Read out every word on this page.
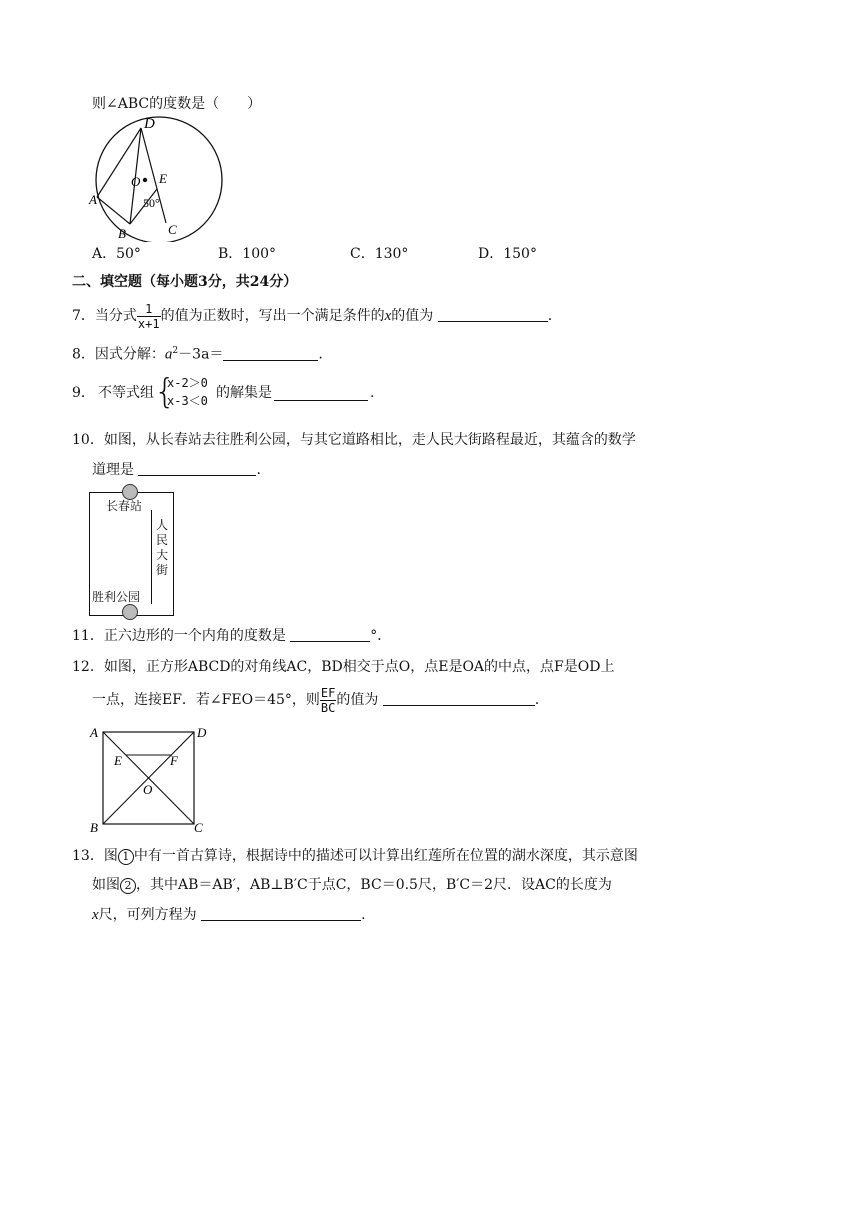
则∠ABC的度数是（　　）
D
O E
A
B	C
50°
A．50°	B．100°	C．130°	D．150°
二、填空题（每小题3分，共24分）
7．当分式 $\frac{1}{x+1}$ 的值为正数时，写出一个满足条件的x的值为	.
8．因式分解：$a^2-3a=$	.
9． 不等式组 {
x-2＞0
x-3＜0 的解集是	.
10．如图，从长春站去往胜利公园，与其它道路相比，走人民大街路程最近，其蕴含的数学
道理是	.
长春站
人
民
大
街
胜利公园
11．正六边形的一个内角的度数是	°．
12．如图，正方形ABCD的对角线AC，BD相交于点O，点E是OA的中点，点F是OD上
一点，连接EF．若∠FEO＝45°，则 $\frac{EF}{BC}$ 的值为	.
A	D
E	F
O
B	C
13．图 1 中有一首古算诗，根据诗中的描述可以计算出红莲所在位置的湖水深度，其示意图
如图 2 ，其中AB＝AB′，AB⊥B′C于点C，BC＝0.5尺，B′C＝2尺．设AC的长度为
x尺，可列方程为	.
